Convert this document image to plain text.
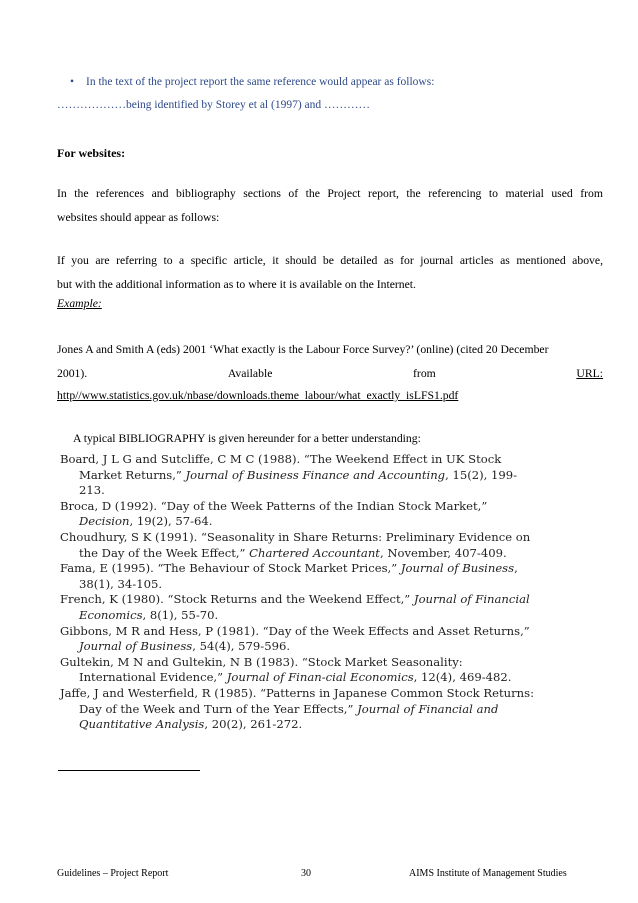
• In the text of the project report the same reference would appear as follows:
………………being identified by Storey et al (1997) and …………
For websites:
In the references and bibliography sections of the Project report, the referencing to material used from
websites should appear as follows:
If you are referring to a specific article, it should be detailed as for journal articles as mentioned above,
but with the additional information as to where it is available on the Internet.
Example:
Jones A and Smith A (eds) 2001 ‘What exactly is the Labour Force Survey?’ (online) (cited 20 December
2001).	Available	from	URL:
http//www.statistics.gov.uk/nbase/downloads.theme_labour/what_exactly_isLFS1.pdf
A typical BIBLIOGRAPHY is given hereunder for a better understanding:

Board, J L G and Sutcliffe, C M C (1988). “The Weekend Effect in UK Stock Market Returns,” Journal of Business Finance and Accounting, 15(2), 199-213.

Broca, D (1992). “Day of the Week Patterns of the Indian Stock Market,” Decision, 19(2), 57-64.

Choudhury, S K (1991). “Seasonality in Share Returns: Preliminary Evidence on the Day of the Week Effect,” Chartered Accountant, November, 407-409.

Fama, E (1995). “The Behaviour of Stock Market Prices,” Journal of Business, 38(1), 34-105.

French, K (1980). “Stock Returns and the Weekend Effect,” Journal of Financial Economics, 8(1), 55-70.

Gibbons, M R and Hess, P (1981). “Day of the Week Effects and Asset Returns,” Journal of Business, 54(4), 579-596.

Gultekin, M N and Gultekin, N B (1983). “Stock Market Seasonality: International Evidence,” Journal of Finan-cial Economics, 12(4), 469-482.

Jaffe, J and Westerfield, R (1985). “Patterns in Japanese Common Stock Returns: Day of the Week and Turn of the Year Effects,” Journal of Financial and Quantitative Analysis, 20(2), 261-272.

Guidelines – Project Report	30	AIMS Institute of Management Studies
